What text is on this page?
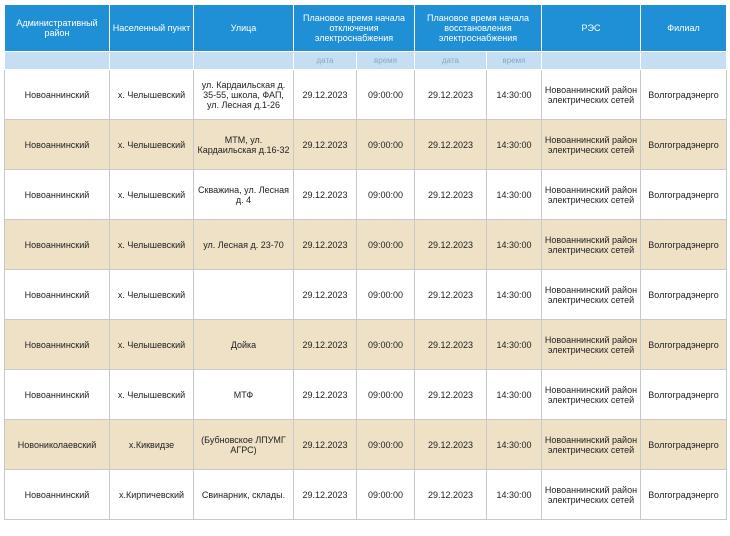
Административный район	Населенный пункт	Улица	Плановое время начала отключения электроснабжения		Плановое время начала восстановления электроснабжения		РЭС	Филиал
			дата	время	дата	время		
Новоаннинский	х. Челышевский	ул. Кардаильская д. 35-55, школа, ФАП, ул. Лесная д.1-26	29.12.2023	09:00:00	29.12.2023	14:30:00	Новоаннинский район электрических сетей	Волгоградэнерго
Новоаннинский	х. Челышевский	МТМ, ул. Кардаильская д.16-32	29.12.2023	09:00:00	29.12.2023	14:30:00	Новоаннинский район электрических сетей	Волгоградэнерго
Новоаннинский	х. Челышевский	Скважина, ул. Лесная д. 4	29.12.2023	09:00:00	29.12.2023	14:30:00	Новоаннинский район электрических сетей	Волгоградэнерго
Новоаннинский	х. Челышевский	ул. Лесная д. 23-70	29.12.2023	09:00:00	29.12.2023	14:30:00	Новоаннинский район электрических сетей	Волгоградэнерго
Новоаннинский	х. Челышевский		29.12.2023	09:00:00	29.12.2023	14:30:00	Новоаннинский район электрических сетей	Волгоградэнерго
Новоаннинский	х. Челышевский	Дойка	29.12.2023	09:00:00	29.12.2023	14:30:00	Новоаннинский район электрических сетей	Волгоградэнерго
Новоаннинский	х. Челышевский	МТФ	29.12.2023	09:00:00	29.12.2023	14:30:00	Новоаннинский район электрических сетей	Волгоградэнерго
Новониколаевский	х.Киквидзе	(Бубновское ЛПУМГ АГРС)	29.12.2023	09:00:00	29.12.2023	14:30:00	Новоаннинский район электрических сетей	Волгоградэнерго
Новоаннинский	х.Кирпичевский	Свинарник, склады.	29.12.2023	09:00:00	29.12.2023	14:30:00	Новоаннинский район электрических сетей	Волгоградэнерго
